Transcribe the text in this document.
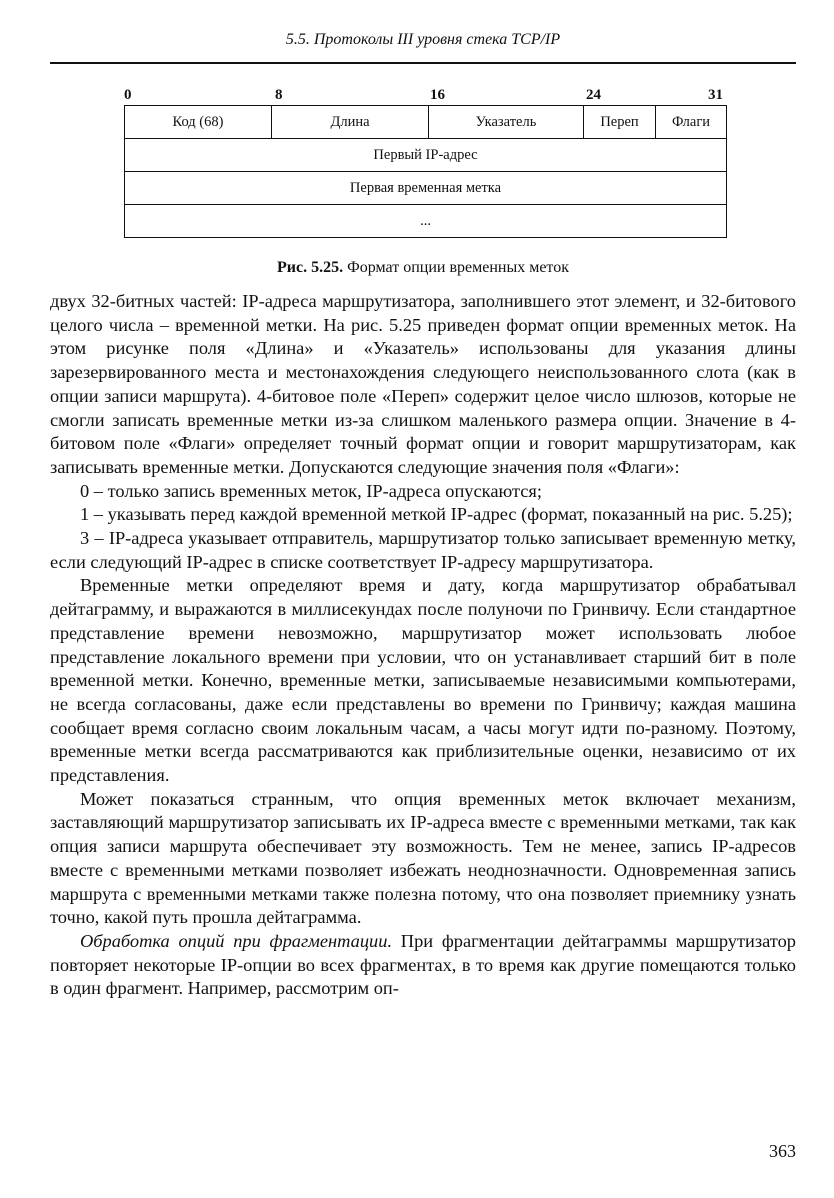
5.5. Протоколы III уровня стека TCP/IP
0	8	16	24	31
Код (68)	Длина	Указатель	Переп	Флаги
Первый IP-адрес
Первая временная метка
...
Рис. 5.25. Формат опции временных меток

двух 32-битных частей: IP-адреса маршрутизатора, заполнившего этот элемент, и 32-битового целого числа – временной метки. На рис. 5.25 приведен формат опции временных меток. На этом рисунке поля «Длина» и «Указатель» использованы для указания длины зарезервированного места и местонахождения следующего неиспользованного слота (как в опции записи маршрута). 4-битовое поле «Переп» содержит целое число шлюзов, которые не смогли записать временные метки из-за слишком маленького размера опции. Значение в 4-битовом поле «Флаги» определяет точный формат опции и говорит маршрутизаторам, как записывать временные метки. Допускаются следующие значения поля «Флаги»:

0 – только запись временных меток, IP-адреса опускаются;

1 – указывать перед каждой временной меткой IP-адрес (формат, показанный на рис. 5.25);

3 – IP-адреса указывает отправитель, маршрутизатор только записывает временную метку, если следующий IP-адрес в списке соответствует IP-адресу маршрутизатора.

Временные метки определяют время и дату, когда маршрутизатор обрабатывал дейтаграмму, и выражаются в миллисекундах после полуночи по Гринвичу. Если стандартное представление времени невозможно, маршрутизатор может использовать любое представление локального времени при условии, что он устанавливает старший бит в поле временной метки. Конечно, временные метки, записываемые независимыми компьютерами, не всегда согласованы, даже если представлены во времени по Гринвичу; каждая машина сообщает время согласно своим локальным часам, а часы могут идти по-разному. Поэтому, временные метки всегда рассматриваются как приблизительные оценки, независимо от их представления.

Может показаться странным, что опция временных меток включает механизм, заставляющий маршрутизатор записывать их IP-адреса вместе с временными метками, так как опция записи маршрута обеспечивает эту возможность. Тем не менее, запись IP-адресов вместе с временными метками позволяет избежать неоднозначности. Одновременная запись маршрута с временными метками также полезна потому, что она позволяет приемнику узнать точно, какой путь прошла дейтаграмма.

Обработка опций при фрагментации. При фрагментации дейтаграммы маршрутизатор повторяет некоторые IP-опции во всех фрагментах, в то время как другие помещаются только в один фрагмент. Например, рассмотрим оп-

363
